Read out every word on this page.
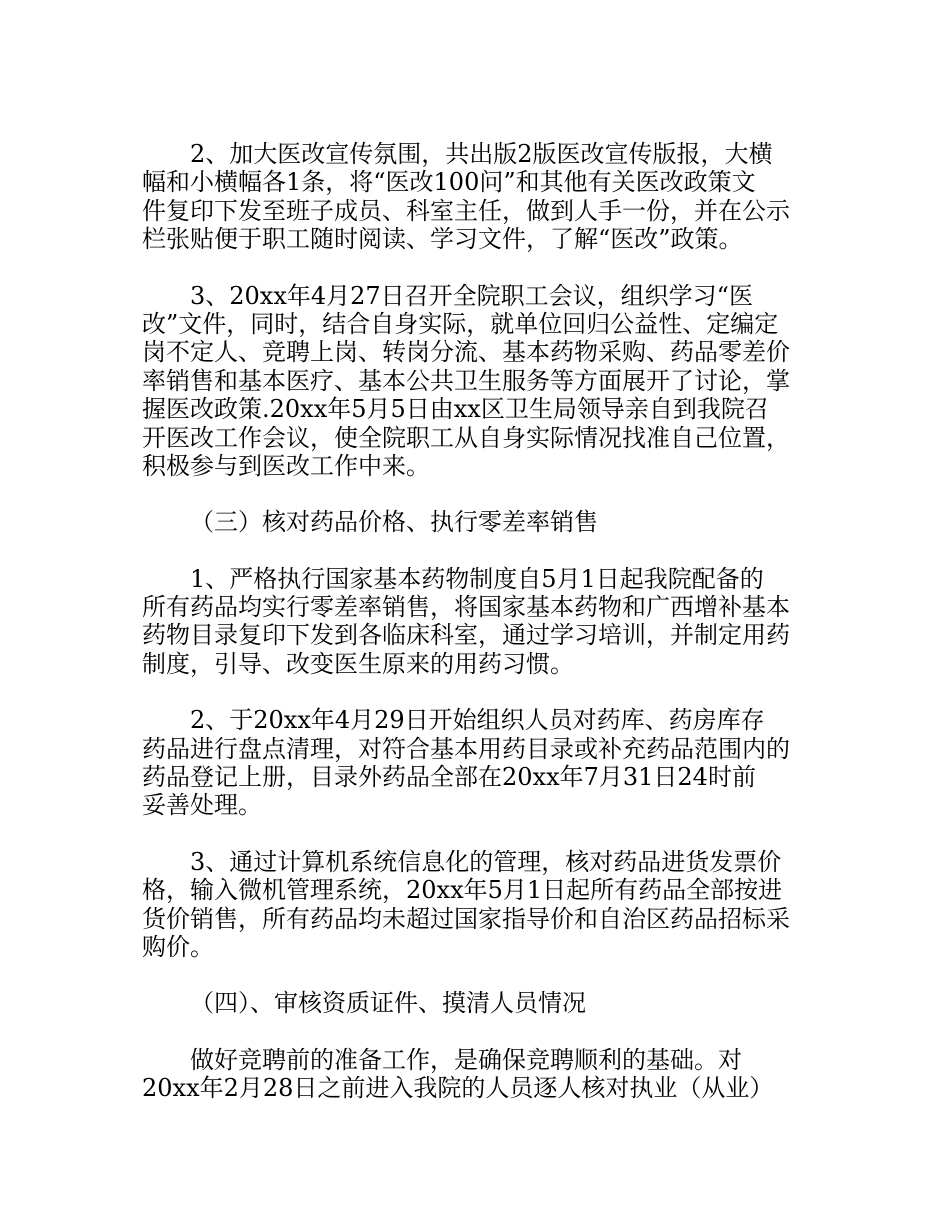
2、加大医改宣传氛围，共出版2版医改宣传版报，大横
幅和小横幅各1条，将“医改100问”和其他有关医改政策文
件复印下发至班子成员、科室主任，做到人手一份，并在公示
栏张贴便于职工随时阅读、学习文件，了解“医改”政策。
3、20xx年4月27日召开全院职工会议，组织学习“医
改”文件，同时，结合自身实际，就单位回归公益性、定编定
岗不定人、竞聘上岗、转岗分流、基本药物采购、药品零差价
率销售和基本医疗、基本公共卫生服务等方面展开了讨论，掌
握医改政策.20xx年5月5日由xx区卫生局领导亲自到我院召
开医改工作会议，使全院职工从自身实际情况找准自己位置，
积极参与到医改工作中来。
（三）核对药品价格、执行零差率销售
1、严格执行国家基本药物制度自5月1日起我院配备的
所有药品均实行零差率销售，将国家基本药物和广西增补基本
药物目录复印下发到各临床科室，通过学习培训，并制定用药
制度，引导、改变医生原来的用药习惯。
2、于20xx年4月29日开始组织人员对药库、药房库存
药品进行盘点清理，对符合基本用药目录或补充药品范围内的
药品登记上册，目录外药品全部在20xx年7月31日24时前
妥善处理。
3、通过计算机系统信息化的管理，核对药品进货发票价
格，输入微机管理系统，20xx年5月1日起所有药品全部按进
货价销售，所有药品均未超过国家指导价和自治区药品招标采
购价。
（四）、审核资质证件、摸清人员情况
做好竞聘前的准备工作，是确保竞聘顺利的基础。对
20xx年2月28日之前进入我院的人员逐人核对执业（从业）
